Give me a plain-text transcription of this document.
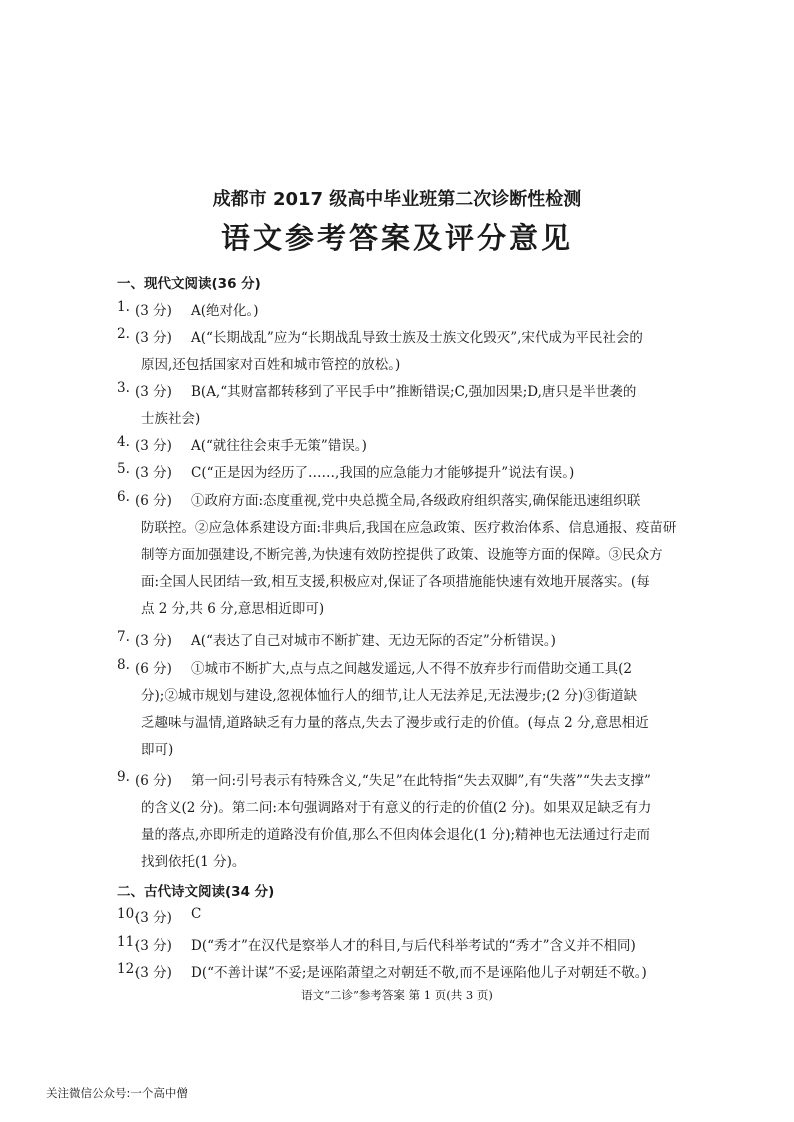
成都市 2017 级高中毕业班第二次诊断性检测
语文参考答案及评分意见
一、现代文阅读(36 分)
1. (3 分) A(绝对化。)
2. (3 分) A(“长期战乱”应为“长期战乱导致士族及士族文化毁灭”,宋代成为平民社会的
原因,还包括国家对百姓和城市管控的放松。)
3. (3 分) B(A,“其财富都转移到了平民手中”推断错误;C,强加因果;D,唐只是半世袭的
士族社会)
4. (3 分) A(“就往往会束手无策”错误。)
5. (3 分) C(“正是因为经历了……,我国的应急能力才能够提升”说法有误。)
6. (6 分) ①政府方面:态度重视,党中央总揽全局,各级政府组织落实,确保能迅速组织联
防联控。②应急体系建设方面:非典后,我国在应急政策、医疗救治体系、信息通报、疫苗研
制等方面加强建设,不断完善,为快速有效防控提供了政策、设施等方面的保障。③民众方
面:全国人民团结一致,相互支援,积极应对,保证了各项措施能快速有效地开展落实。(每
点 2 分,共 6 分,意思相近即可)
7. (3 分) A(“表达了自己对城市不断扩建、无边无际的否定”分析错误。)
8. (6 分) ①城市不断扩大,点与点之间越发遥远,人不得不放弃步行而借助交通工具(2
分);②城市规划与建设,忽视体恤行人的细节,让人无法养足,无法漫步;(2 分)③街道缺
乏趣味与温情,道路缺乏有力量的落点,失去了漫步或行走的价值。(每点 2 分,意思相近
即可)
9. (6 分) 第一问:引号表示有特殊含义,“失足”在此特指“失去双脚”,有“失落”“失去支撑”
的含义(2 分)。第二问:本句强调路对于有意义的行走的价值(2 分)。如果双足缺乏有力
量的落点,亦即所走的道路没有价值,那么不但肉体会退化(1 分);精神也无法通过行走而
找到依托(1 分)。
二、古代诗文阅读(34 分)
10.
(3 分) C
11.
(3 分) D(“秀才”在汉代是察举人才的科目,与后代科举考试的“秀才”含义并不相同)
12.
(3 分) D(“不善计谋”不妥;是诬陷萧望之对朝廷不敬,而不是诬陷他儿子对朝廷不敬。)
语文“二诊”参考答案 第 1 页(共 3 页)
关注微信公众号:一个高中僧
